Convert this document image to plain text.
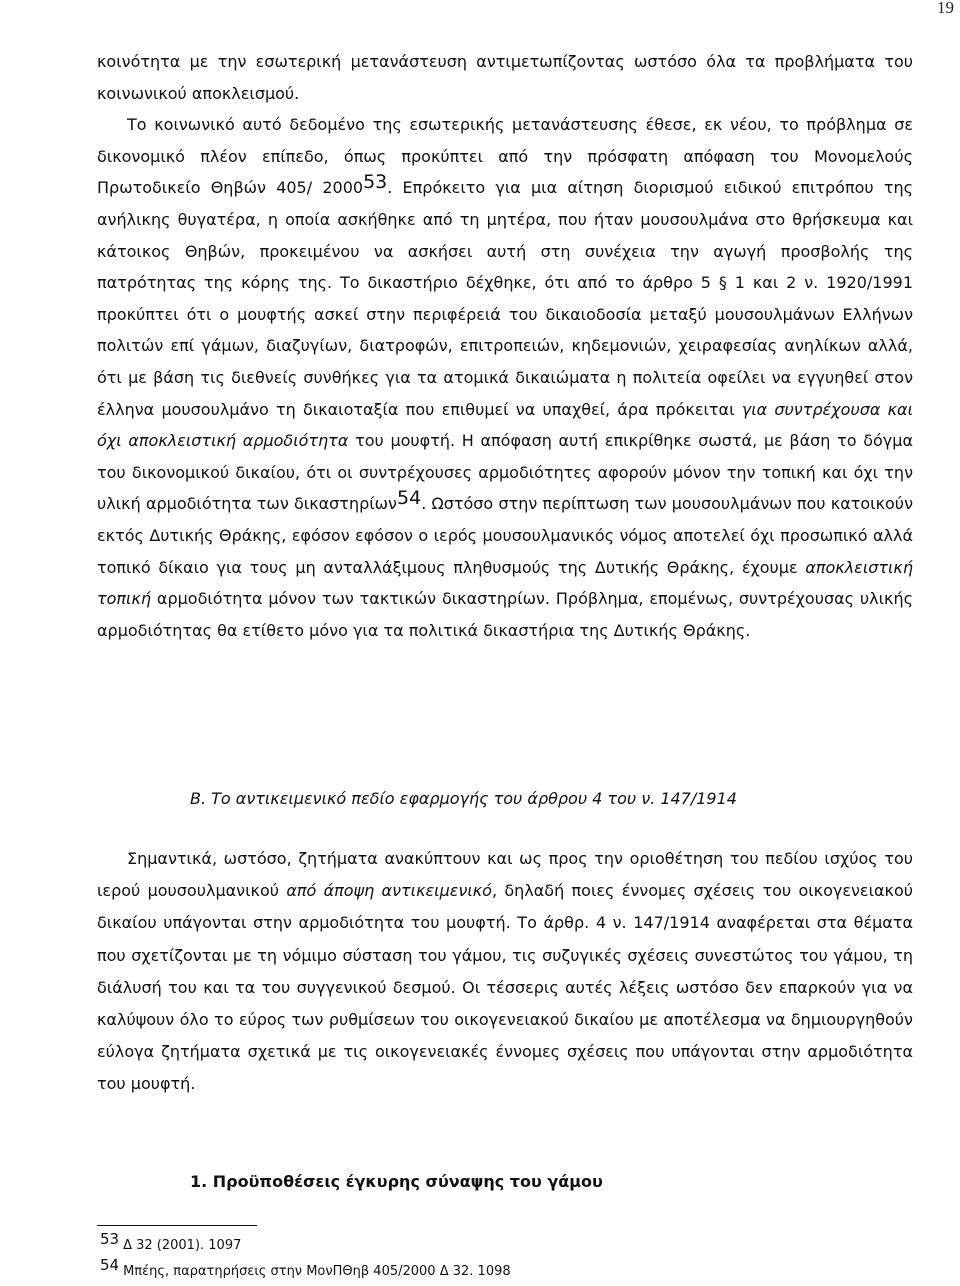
19

κοινότητα με την εσωτερική μετανάστευση αντιμετωπίζοντας ωστόσο όλα τα προβλήματα του κοινωνικού αποκλεισμού.

Το κοινωνικό αυτό δεδομένο της εσωτερικής μετανάστευσης έθεσε, εκ νέου, το πρόβλημα σε δικονομικό πλέον επίπεδο, όπως προκύπτει από την πρόσφατη απόφαση του Μονομελούς Πρωτοδικείο Θηβών 405/ 200053. Επρόκειτο για μια αίτηση διορισμού ειδικού επιτρόπου της ανήλικης θυγατέρα, η οποία ασκήθηκε από τη μητέρα, που ήταν μουσουλμάνα στο θρήσκευμα και κάτοικος Θηβών, προκειμένου να ασκήσει αυτή στη συνέχεια την αγωγή προσβολής της πατρότητας της κόρης της. Το δικαστήριο δέχθηκε, ότι από το άρθρο 5 § 1 και 2 ν. 1920/1991 προκύπτει ότι ο μουφτής ασκεί στην περιφέρειά του δικαιοδοσία μεταξύ μουσουλμάνων Ελλήνων πολιτών επί γάμων, διαζυγίων, διατροφών, επιτροπειών, κηδεμονιών, χειραφεσίας ανηλίκων αλλά, ότι με βάση τις διεθνείς συνθήκες για τα ατομικά δικαιώματα η πολιτεία οφείλει να εγγυηθεί στον έλληνα μουσουλμάνο τη δικαιοταξία που επιθυμεί να υπαχθεί, άρα πρόκειται για συντρέχουσα και όχι αποκλειστική αρμοδιότητα του μουφτή. Η απόφαση αυτή επικρίθηκε σωστά, με βάση το δόγμα του δικονομικού δικαίου, ότι οι συντρέχουσες αρμοδιότητες αφορούν μόνον την τοπική και όχι την υλική αρμοδιότητα των δικαστηρίων54. Ωστόσο στην περίπτωση των μουσουλμάνων που κατοικούν εκτός Δυτικής Θράκης, εφόσον εφόσον ο ιερός μουσουλμανικός νόμος αποτελεί όχι προσωπικό αλλά τοπικό δίκαιο για τους μη ανταλλάξιμους πληθυσμούς της Δυτικής Θράκης, έχουμε αποκλειστική τοπική αρμοδιότητα μόνον των τακτικών δικαστηρίων. Πρόβλημα, επομένως, συντρέχουσας υλικής αρμοδιότητας θα ετίθετο μόνο για τα πολιτικά δικαστήρια της Δυτικής Θράκης.

Β. Το αντικειμενικό πεδίο εφαρμογής του άρθρου 4 του ν. 147/1914

Σημαντικά, ωστόσο, ζητήματα ανακύπτουν και ως προς την οριοθέτηση του πεδίου ισχύος του ιερού μουσουλμανικού από άποψη αντικειμενικό, δηλαδή ποιες έννομες σχέσεις του οικογενειακού δικαίου υπάγονται στην αρμοδιότητα του μουφτή. Το άρθρ. 4 ν. 147/1914 αναφέρεται στα θέματα που σχετίζονται με τη νόμιμο σύσταση του γάμου, τις συζυγικές σχέσεις συνεστώτος του γάμου, τη διάλυσή του και τα του συγγενικού δεσμού. Οι τέσσερις αυτές λέξεις ωστόσο δεν επαρκούν για να καλύψουν όλο το εύρος των ρυθμίσεων του οικογενειακού δικαίου με αποτέλεσμα να δημιουργηθούν εύλογα ζητήματα σχετικά με τις οικογενειακές έννομες σχέσεις που υπάγονται στην αρμοδιότητα του μουφτή.

1. Προϋποθέσεις έγκυρης σύναψης του γάμου
53 Δ 32 (2001). 1097
54 Μπέης, παρατηρήσεις στην ΜονΠΘηβ 405/2000 Δ 32. 1098
